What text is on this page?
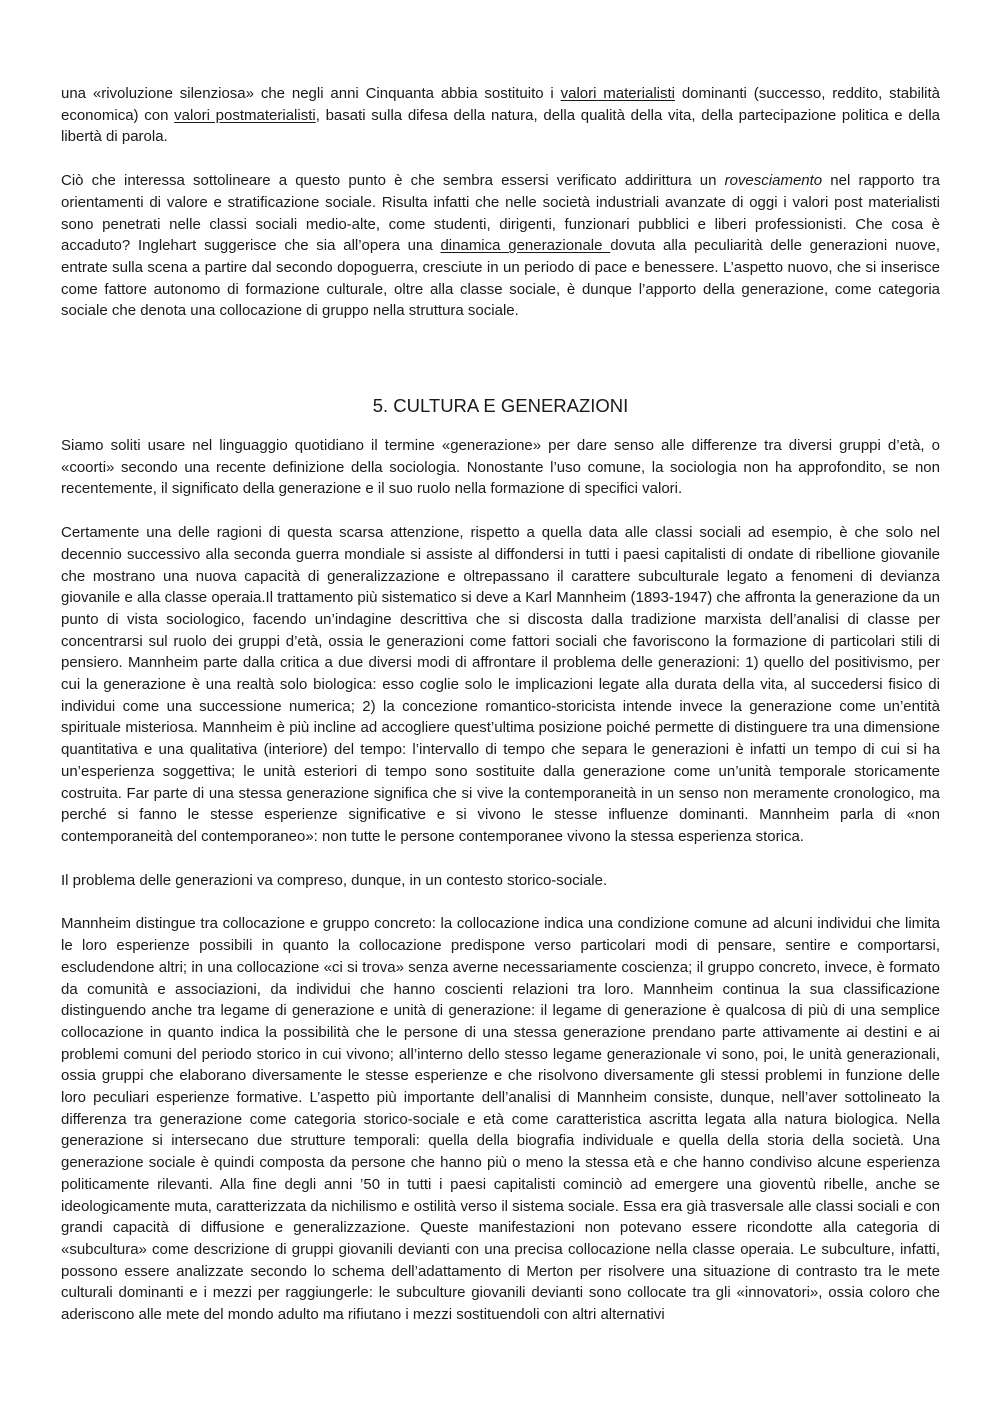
una «rivoluzione silenziosa» che negli anni Cinquanta abbia sostituito i valori materialisti dominanti (successo, reddito, stabilità economica) con valori postmaterialisti, basati sulla difesa della natura, della qualità della vita, della partecipazione politica e della libertà di parola.

Ciò che interessa sottolineare a questo punto è che sembra essersi verificato addirittura un rovesciamento nel rapporto tra orientamenti di valore e stratificazione sociale. Risulta infatti che nelle società industriali avanzate di oggi i valori post materialisti sono penetrati nelle classi sociali medio-alte, come studenti, dirigenti, funzionari pubblici e liberi professionisti. Che cosa è accaduto? Inglehart suggerisce che sia all’opera una dinamica generazionale dovuta alla peculiarità delle generazioni nuove, entrate sulla scena a partire dal secondo dopoguerra, cresciute in un periodo di pace e benessere. L’aspetto nuovo, che si inserisce come fattore autonomo di formazione culturale, oltre alla classe sociale, è dunque l’apporto della generazione, come categoria sociale che denota una collocazione di gruppo nella struttura sociale.

5. CULTURA E GENERAZIONI

Siamo soliti usare nel linguaggio quotidiano il termine «generazione» per dare senso alle differenze tra diversi gruppi d’età, o «coorti» secondo una recente definizione della sociologia. Nonostante l’uso comune, la sociologia non ha approfondito, se non recentemente, il significato della generazione e il suo ruolo nella formazione di specifici valori.

Certamente una delle ragioni di questa scarsa attenzione, rispetto a quella data alle classi sociali ad esempio, è che solo nel decennio successivo alla seconda guerra mondiale si assiste al diffondersi in tutti i paesi capitalisti di ondate di ribellione giovanile che mostrano una nuova capacità di generalizzazione e oltrepassano il carattere subculturale legato a fenomeni di devianza giovanile e alla classe operaia.Il trattamento più sistematico si deve a Karl Mannheim (1893-1947) che affronta la generazione da un punto di vista sociologico, facendo un’indagine descrittiva che si discosta dalla tradizione marxista dell’analisi di classe per concentrarsi sul ruolo dei gruppi d’età, ossia le generazioni come fattori sociali che favoriscono la formazione di particolari stili di pensiero. Mannheim parte dalla critica a due diversi modi di affrontare il problema delle generazioni: 1) quello del positivismo, per cui la generazione è una realtà solo biologica: esso coglie solo le implicazioni legate alla durata della vita, al succedersi fisico di individui come una successione numerica; 2) la concezione romantico-storicista intende invece la generazione come un’entità spirituale misteriosa. Mannheim è più incline ad accogliere quest’ultima posizione poiché permette di distinguere tra una dimensione quantitativa e una qualitativa (interiore) del tempo: l’intervallo di tempo che separa le generazioni è infatti un tempo di cui si ha un’esperienza soggettiva; le unità esteriori di tempo sono sostituite dalla generazione come un’unità temporale storicamente costruita. Far parte di una stessa generazione significa che si vive la contemporaneità in un senso non meramente cronologico, ma perché si fanno le stesse esperienze significative e si vivono le stesse influenze dominanti. Mannheim parla di «non contemporaneità del contemporaneo»: non tutte le persone contemporanee vivono la stessa esperienza storica.

Il problema delle generazioni va compreso, dunque, in un contesto storico-sociale.

Mannheim distingue tra collocazione e gruppo concreto: la collocazione indica una condizione comune ad alcuni individui che limita le loro esperienze possibili in quanto la collocazione predispone verso particolari modi di pensare, sentire e comportarsi, escludendone altri; in una collocazione «ci si trova» senza averne necessariamente coscienza; il gruppo concreto, invece, è formato da comunità e associazioni, da individui che hanno coscienti relazioni tra loro. Mannheim continua la sua classificazione distinguendo anche tra legame di generazione e unità di generazione: il legame di generazione è qualcosa di più di una semplice collocazione in quanto indica la possibilità che le persone di una stessa generazione prendano parte attivamente ai destini e ai problemi comuni del periodo storico in cui vivono; all’interno dello stesso legame generazionale vi sono, poi, le unità generazionali, ossia gruppi che elaborano diversamente le stesse esperienze e che risolvono diversamente gli stessi problemi in funzione delle loro peculiari esperienze formative. L’aspetto più importante dell’analisi di Mannheim consiste, dunque, nell’aver sottolineato la differenza tra generazione come categoria storico-sociale e età come caratteristica ascritta legata alla natura biologica. Nella generazione si intersecano due strutture temporali: quella della biografia individuale e quella della storia della società. Una generazione sociale è quindi composta da persone che hanno più o meno la stessa età e che hanno condiviso alcune esperienza politicamente rilevanti. Alla fine degli anni ’50 in tutti i paesi capitalisti cominciò ad emergere una gioventù ribelle, anche se ideologicamente muta, caratterizzata da nichilismo e ostilità verso il sistema sociale. Essa era già trasversale alle classi sociali e con grandi capacità di diffusione e generalizzazione. Queste manifestazioni non potevano essere ricondotte alla categoria di «subcultura» come descrizione di gruppi giovanili devianti con una precisa collocazione nella classe operaia. Le subculture, infatti, possono essere analizzate secondo lo schema dell’adattamento di Merton per risolvere una situazione di contrasto tra le mete culturali dominanti e i mezzi per raggiungerle: le subculture giovanili devianti sono collocate tra gli «innovatori», ossia coloro che aderiscono alle mete del mondo adulto ma rifiutano i mezzi sostituendoli con altri alternativi
